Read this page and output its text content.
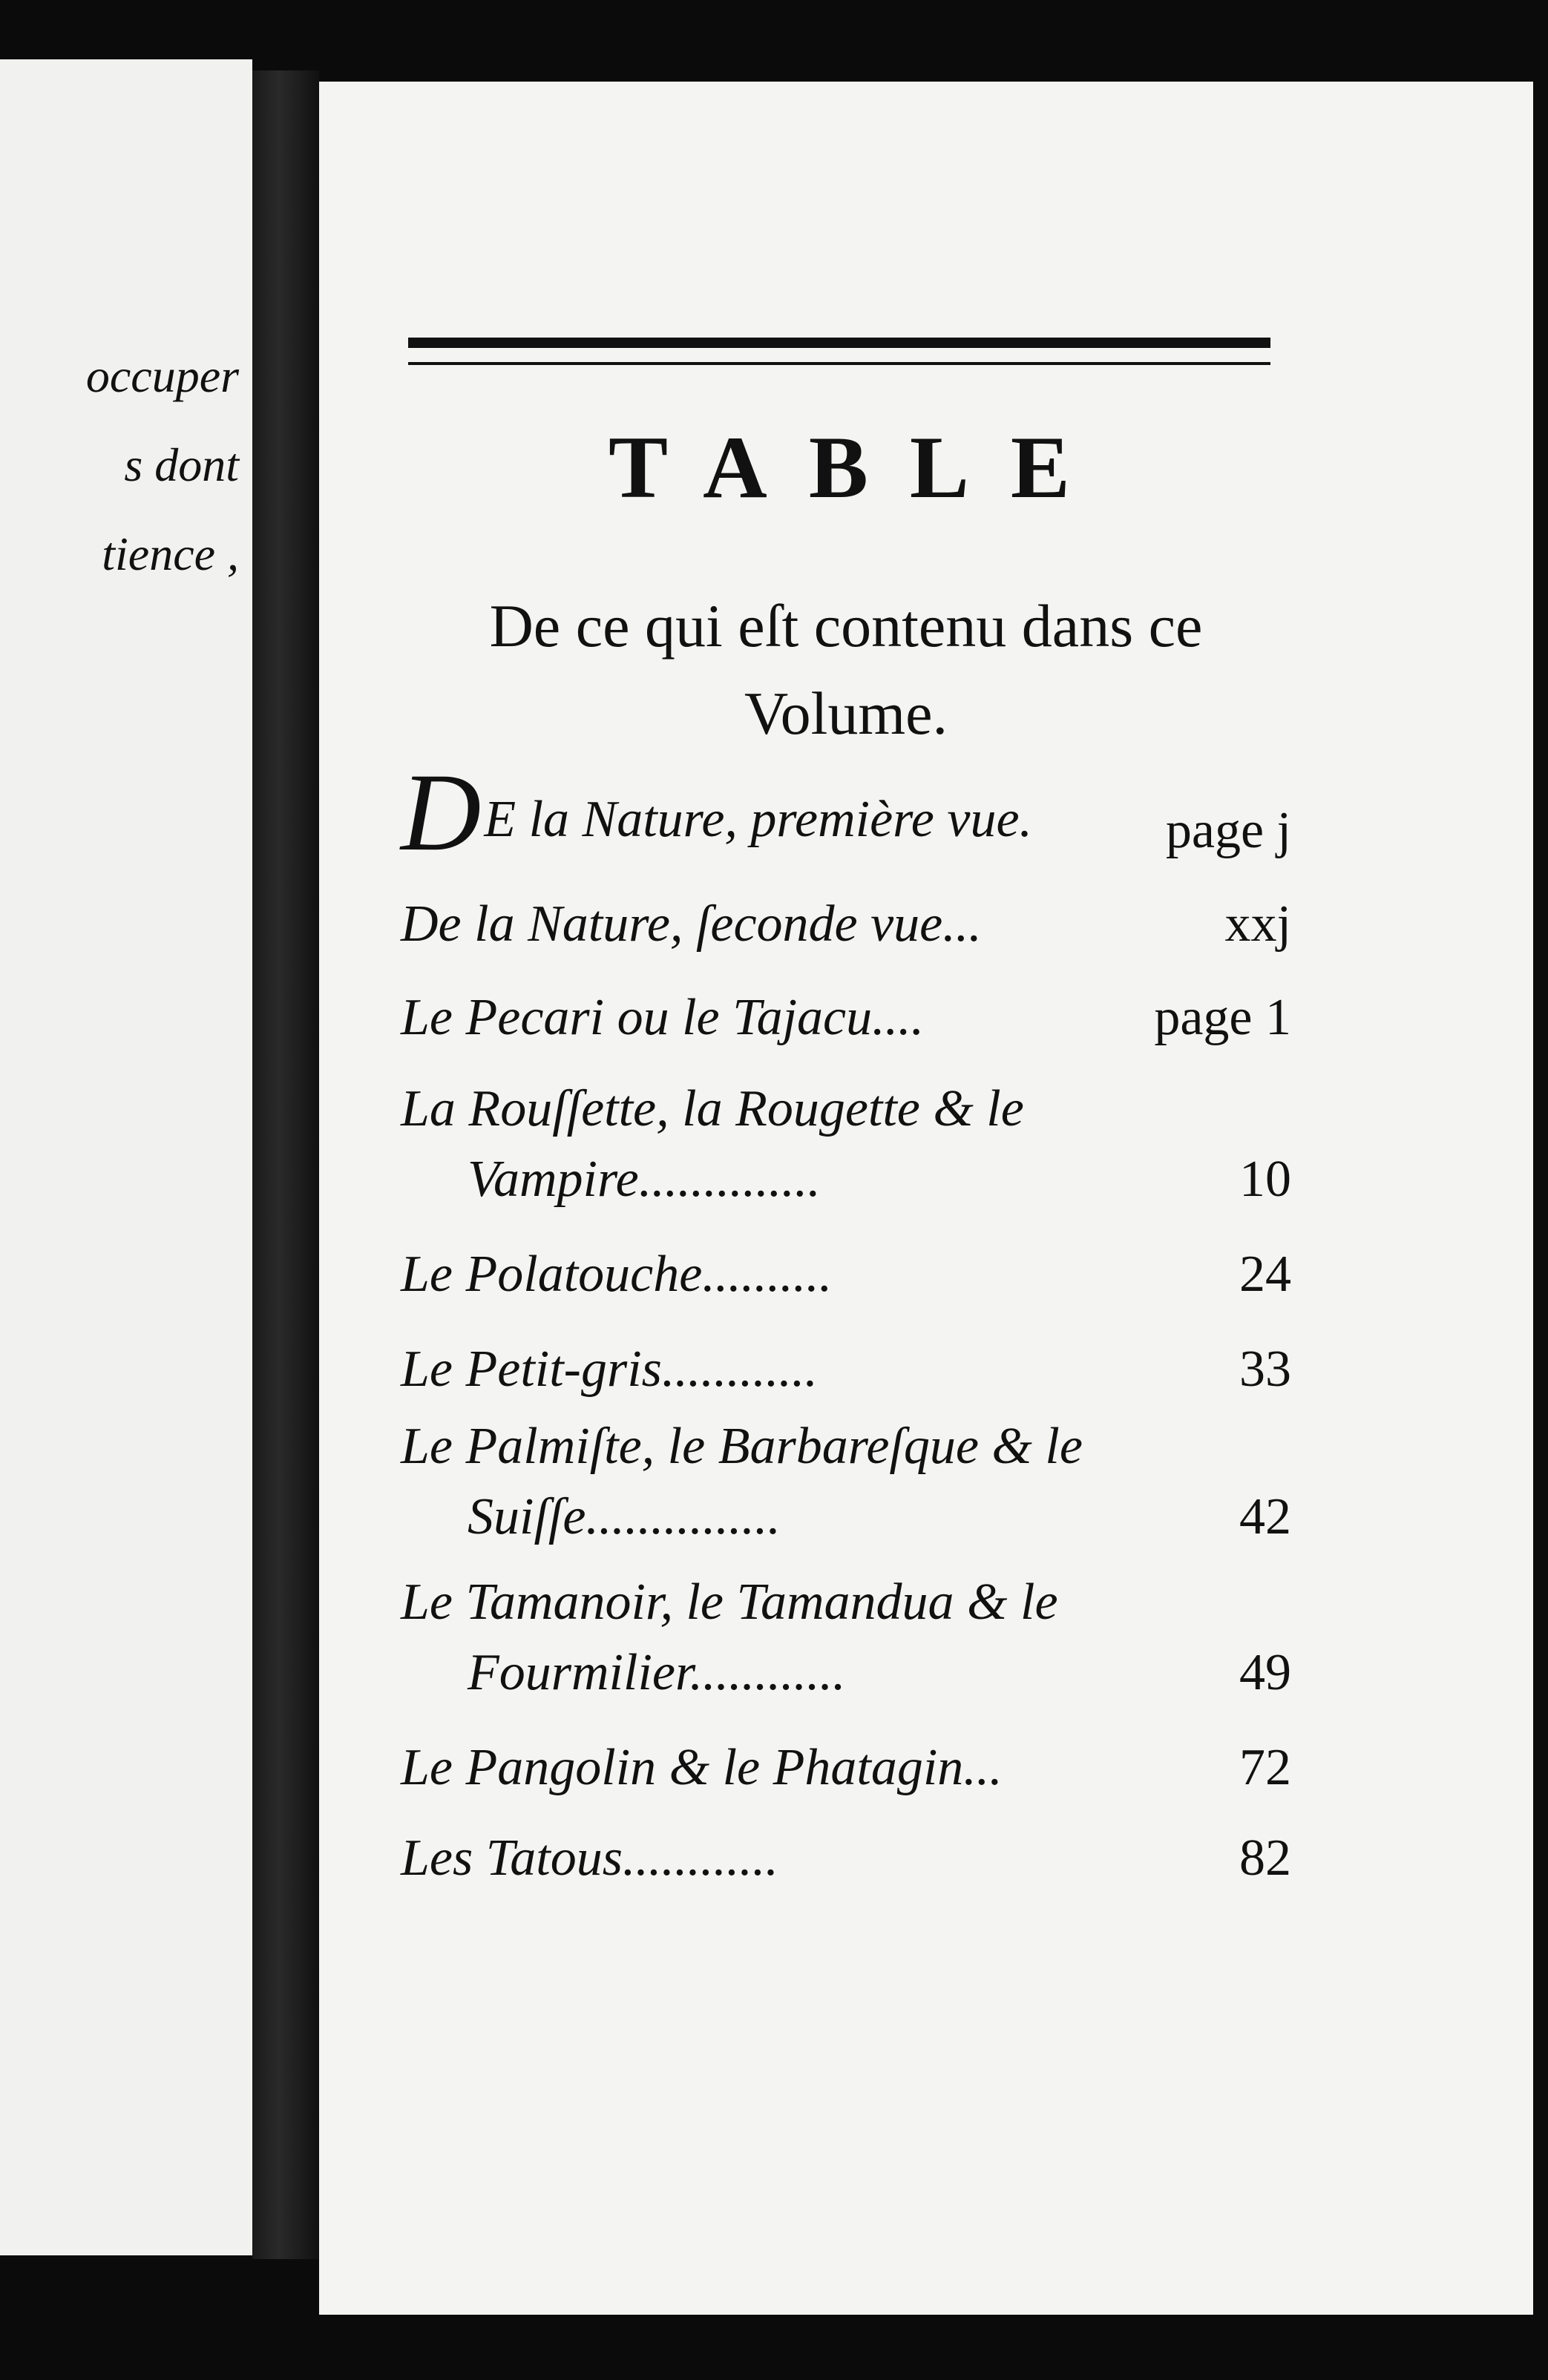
occuper
s dont
tience ,
TABLE
De ce qui eſt contenu dans ce
Volume.
DE la Nature, première vue.	page j
De la Nature, ſeconde vue...	xxj
Le Pecari ou le Tajacu....	page 1
La Rouſſette, la Rougette & le
Vampire..............	10
Le Polatouche..........	24
Le Petit-gris............	33
Le Palmiſte, le Barbareſque & le
Suiſſe...............	42
Le Tamanoir, le Tamandua & le
Fourmilier............	49
Le Pangolin & le Phatagin...	72
Les Tatous............	82
